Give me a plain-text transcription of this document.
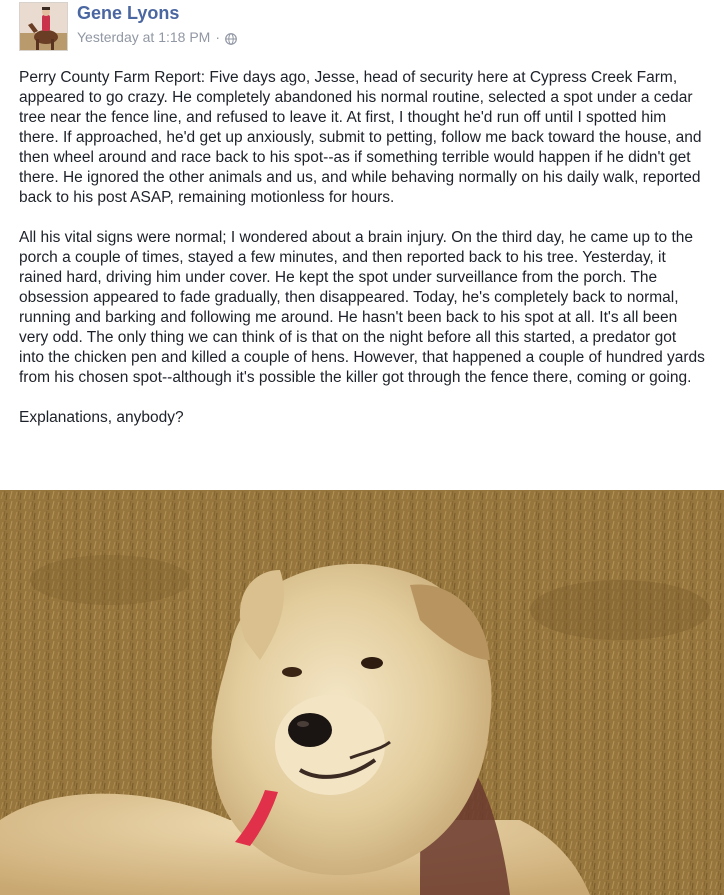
Gene Lyons
Yesterday at 1:18 PM ·

Perry County Farm Report: Five days ago, Jesse, head of security here at Cypress Creek Farm, appeared to go crazy. He completely abandoned his normal routine, selected a spot under a cedar tree near the fence line, and refused to leave it. At first, I thought he'd run off until I spotted him there. If approached, he'd get up anxiously, submit to petting, follow me back toward the house, and then wheel around and race back to his spot--as if something terrible would happen if he didn't get there. He ignored the other animals and us, and while behaving normally on his daily walk, reported back to his post ASAP, remaining motionless for hours.

All his vital signs were normal; I wondered about a brain injury. On the third day, he came up to the porch a couple of times, stayed a few minutes, and then reported back to his tree. Yesterday, it rained hard, driving him under cover. He kept the spot under surveillance from the porch. The obsession appeared to fade gradually, then disappeared. Today, he's completely back to normal, running and barking and following me around. He hasn't been back to his spot at all. It's all been very odd. The only thing we can think of is that on the night before all this started, a predator got into the chicken pen and killed a couple of hens. However, that happened a couple of hundred yards from his chosen spot--although it's possible the killer got through the fence there, coming or going.

Explanations, anybody?
